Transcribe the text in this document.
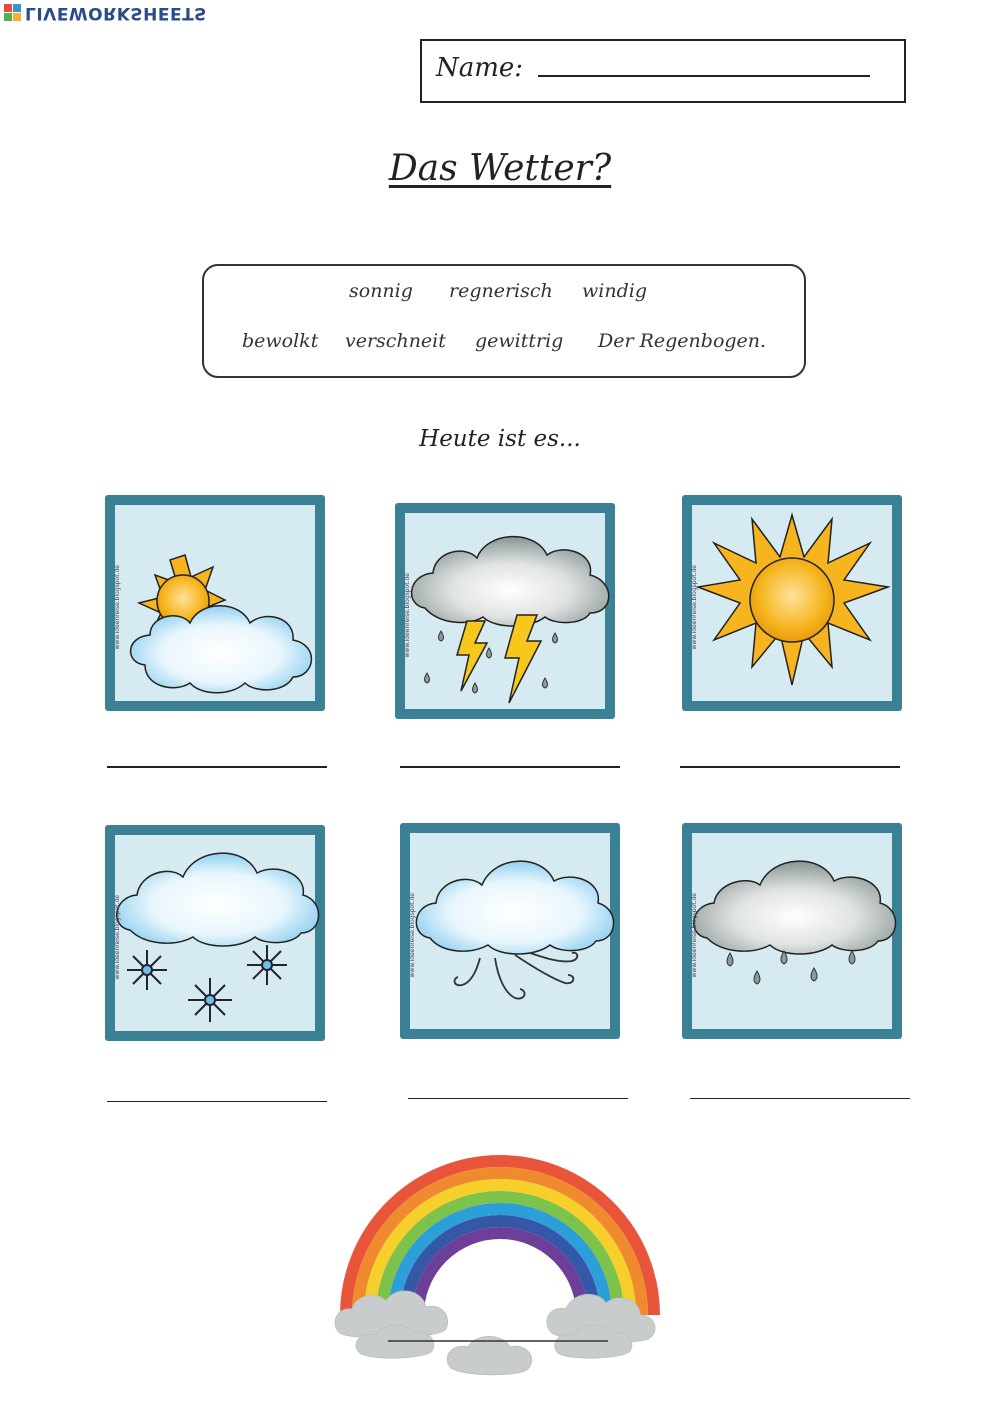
LIVEWORKSHEETS
Name:
Das Wetter?
sonnig regnerisch windig
bewolkt verschneit gewittrig Der Regenbogen.
Heute ist es...
www.ideenreise.blogspot.de	www.ideenreise.blogspot.de	www.ideenreise.blogspot.de
www.ideenreise.blogspot.de	www.ideenreise.blogspot.de	www.ideenreise.blogspot.de
